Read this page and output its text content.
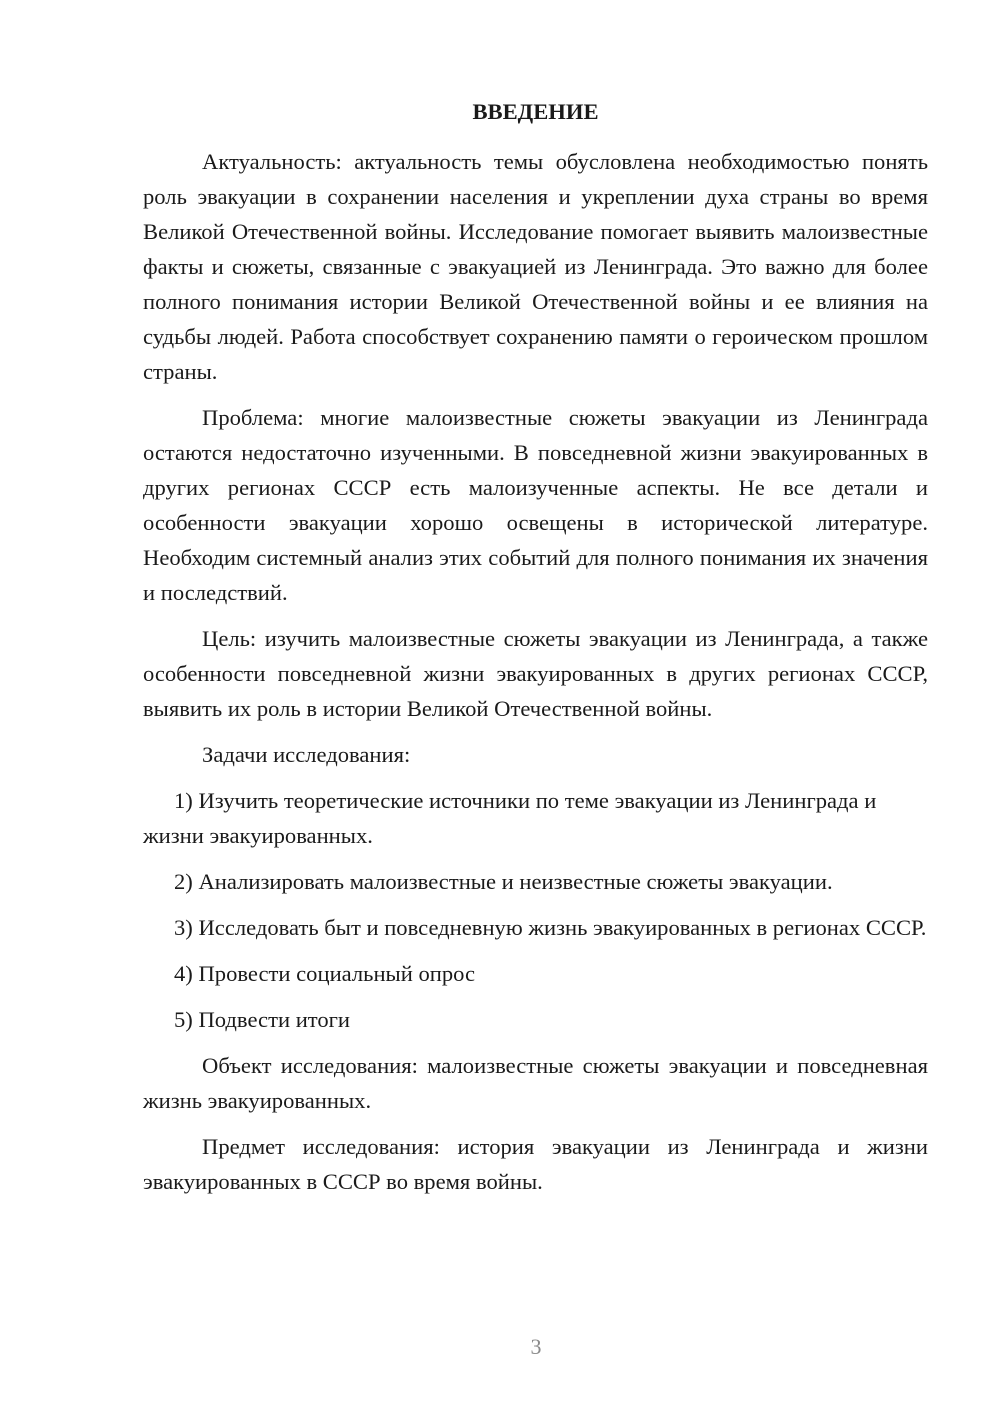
ВВЕДЕНИЕ

Актуальность: актуальность темы обусловлена необходимостью понять роль эвакуации в сохранении населения и укреплении духа страны во время Великой Отечественной войны. Исследование помогает выявить малоизвестные факты и сюжеты, связанные с эвакуацией из Ленинграда. Это важно для более полного понимания истории Великой Отечественной войны и ее влияния на судьбы людей. Работа способствует сохранению памяти о героическом прошлом страны.

Проблема: многие малоизвестные сюжеты эвакуации из Ленинграда остаются недостаточно изученными. В повседневной жизни эвакуированных в других регионах СССР есть малоизученные аспекты. Не все детали и особенности эвакуации хорошо освещены в исторической литературе. Необходим системный анализ этих событий для полного понимания их значения и последствий.

Цель: изучить малоизвестные сюжеты эвакуации из Ленинграда, а также особенности повседневной жизни эвакуированных в других регионах СССР, выявить их роль в истории Великой Отечественной войны.

Задачи исследования:

1) Изучить теоретические источники по теме эвакуации из Ленинграда и жизни эвакуированных.

2) Анализировать малоизвестные и неизвестные сюжеты эвакуации.

3) Исследовать быт и повседневную жизнь эвакуированных в регионах СССР.

4) Провести социальный опрос

5) Подвести итоги

Объект исследования: малоизвестные сюжеты эвакуации и повседневная жизнь эвакуированных.

Предмет исследования: история эвакуации из Ленинграда и жизни эвакуированных в СССР во время войны.

3
